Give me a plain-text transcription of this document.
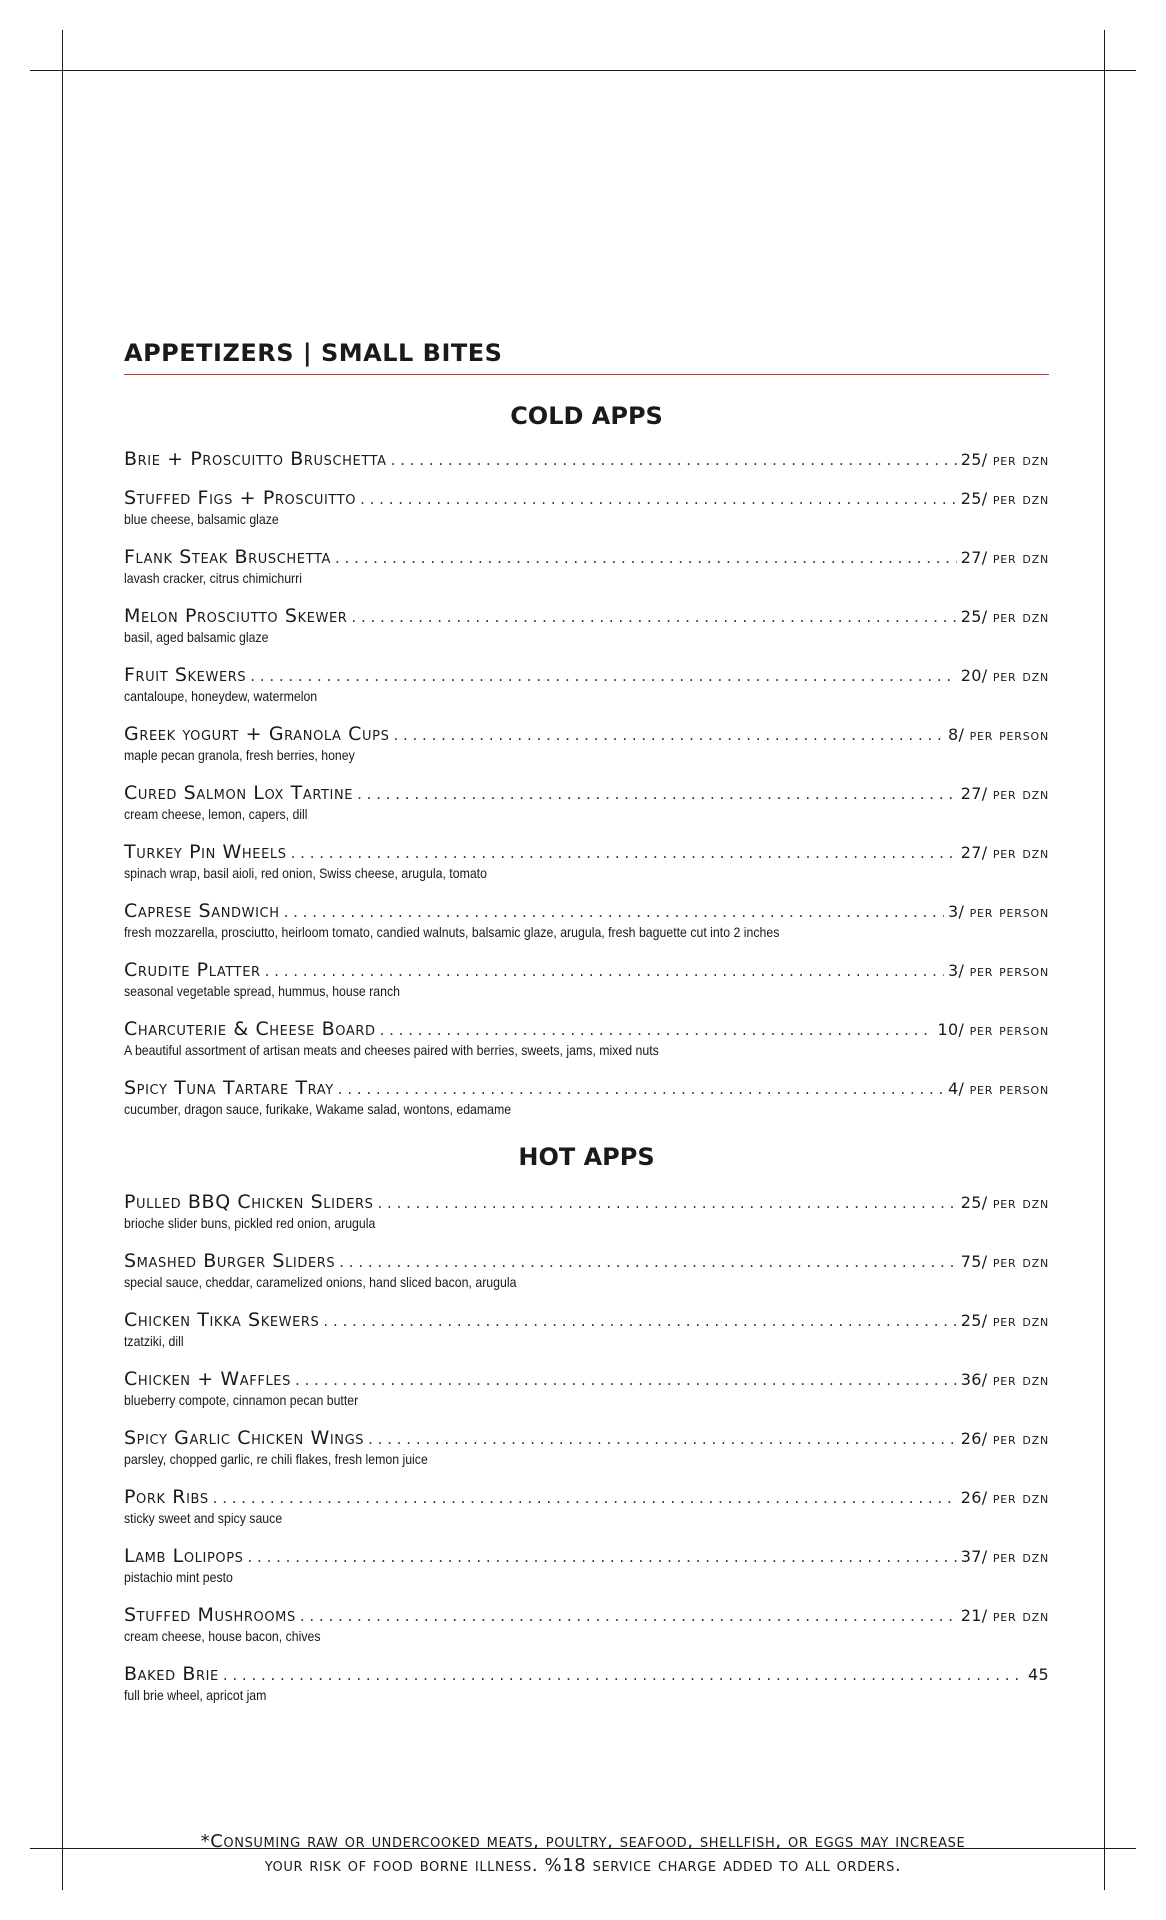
APPETIZERS | SMALL BITES
COLD APPS
Brie + Proscuitto Bruschetta . . .	25/ per dzn
Stuffed Figs + Proscuitto . . .	25/ per dzn
blue cheese, balsamic glaze
Flank Steak Bruschetta . . .	27/ per dzn
lavash cracker, citrus chimichurri
Melon Prosciutto Skewer . . .	25/ per dzn
basil, aged balsamic glaze
Fruit Skewers . . .	20/ per dzn
cantaloupe, honeydew, watermelon
Greek yogurt + Granola Cups . . .	8/ per person
maple pecan granola, fresh berries, honey
Cured Salmon Lox Tartine . . .	27/ per dzn
cream cheese, lemon, capers, dill
Turkey Pin Wheels . . .	27/ per dzn
spinach wrap, basil aioli, red onion, Swiss cheese, arugula, tomato
Caprese Sandwich . . .	3/ per person
fresh mozzarella, prosciutto, heirloom tomato, candied walnuts, balsamic glaze, arugula, fresh baguette cut into 2 inches
Crudite Platter . . .	3/ per person
seasonal vegetable spread, hummus, house ranch
Charcuterie & Cheese Board . . .	10/ per person
A beautiful assortment of artisan meats and cheeses paired with berries, sweets, jams, mixed nuts
Spicy Tuna Tartare Tray . . .	4/ per person
cucumber, dragon sauce, furikake, Wakame salad, wontons, edamame
HOT APPS
Pulled BBQ Chicken Sliders . . .	25/ per dzn
brioche slider buns, pickled red onion, arugula
Smashed Burger Sliders . . .	75/ per dzn
special sauce, cheddar, caramelized onions, hand sliced bacon, arugula
Chicken Tikka Skewers . . .	25/ per dzn
tzatziki, dill
Chicken + Waffles . . .	36/ per dzn
blueberry compote, cinnamon pecan butter
Spicy Garlic Chicken Wings . . .	26/ per dzn
parsley, chopped garlic, re chili flakes, fresh lemon juice
Pork Ribs . . .	26/ per dzn
sticky sweet and spicy sauce
Lamb Lolipops . . .	37/ per dzn
pistachio mint pesto
Stuffed Mushrooms . . .	21/ per dzn
cream cheese, house bacon, chives
Baked Brie . . .	45
full brie wheel, apricot jam
*Consuming raw or undercooked meats, poultry, seafood, shellfish, or eggs may increase
your risk of food borne illness. %18 service charge added to all orders.
